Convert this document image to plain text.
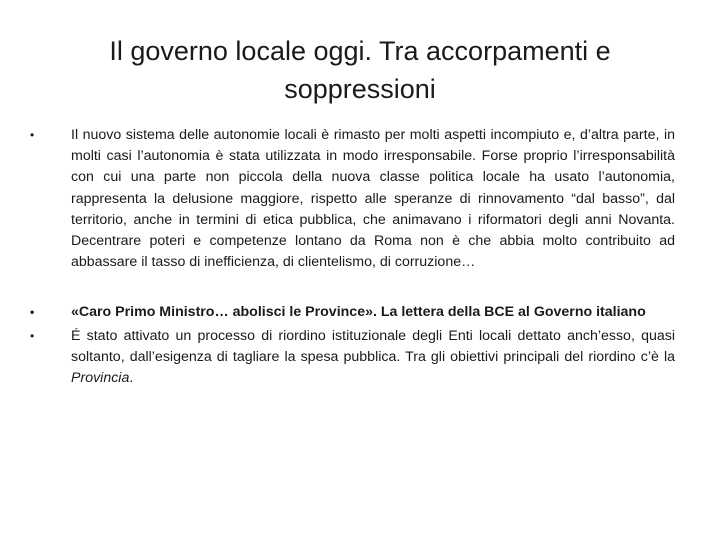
Il governo locale oggi. Tra accorpamenti e soppressioni
•	Il nuovo sistema delle autonomie locali è rimasto per molti aspetti incompiuto e, d’altra parte, in molti casi l’autonomia è stata utilizzata in modo irresponsabile. Forse proprio l’irresponsabilità con cui una parte non piccola della nuova classe politica locale ha usato l’autonomia, rappresenta la delusione maggiore, rispetto alle speranze di rinnovamento “dal basso”, dal territorio, anche in termini di etica pubblica, che animavano i riformatori degli anni Novanta. Decentrare poteri e competenze lontano da Roma non è che abbia molto contribuito ad abbassare il tasso di inefficienza, di clientelismo, di corruzione…
•	«Caro Primo Ministro… abolisci le Province». La lettera della BCE al Governo italiano
•	É stato attivato un processo di riordino istituzionale degli Enti locali dettato anch’esso, quasi soltanto, dall’esigenza di tagliare la spesa pubblica. Tra gli obiettivi principali del riordino c’è la Provincia.
